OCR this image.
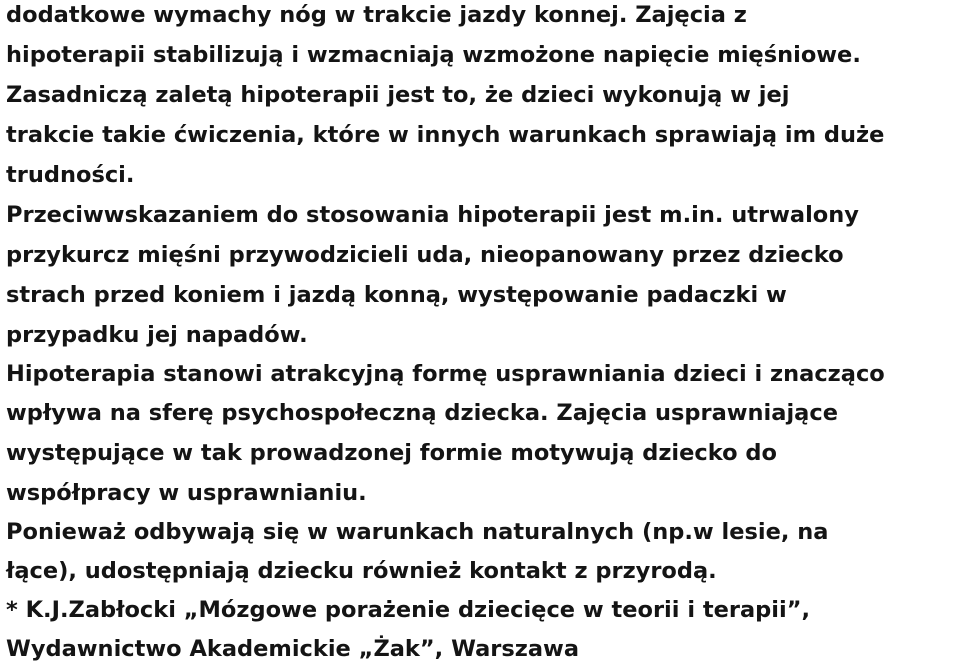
dodatkowe wymachy nóg w trakcie jazdy konnej. Zajęcia z
hipoterapii stabilizują i wzmacniają wzmożone napięcie mięśniowe.
Zasadniczą zaletą hipoterapii jest to, że dzieci wykonują w jej
trakcie takie ćwiczenia, które w innych warunkach sprawiają im duże
trudności.
Przeciwwskazaniem do stosowania hipoterapii jest m.in. utrwalony
przykurcz mięśni przywodzicieli uda, nieopanowany przez dziecko
strach przed koniem i jazdą konną, występowanie padaczki w
przypadku jej napadów.
Hipoterapia stanowi atrakcyjną formę usprawniania dzieci i znacząco
wpływa na sferę psychospołeczną dziecka. Zajęcia usprawniające
występujące w tak prowadzonej formie motywują dziecko do
współpracy w usprawnianiu.
Ponieważ odbywają się w warunkach naturalnych (np.w lesie, na
łące), udostępniają dziecku również kontakt z przyrodą.
* K.J.Zabłocki „Mózgowe porażenie dziecięce w teorii i terapii”,
Wydawnictwo Akademickie „Żak”, Warszawa
